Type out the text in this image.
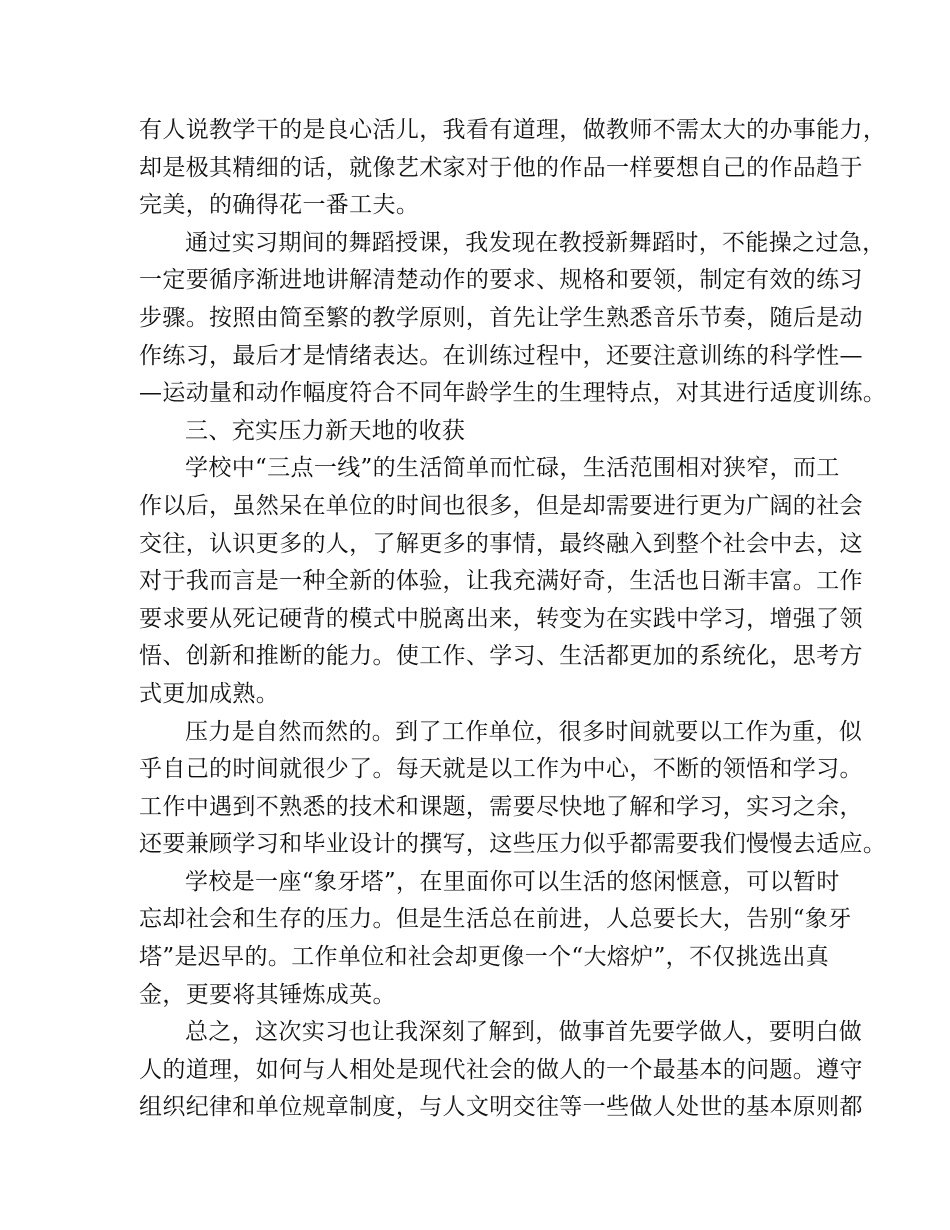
有人说教学干的是良心活儿，我看有道理，做教师不需太大的办事能力，
却是极其精细的话，就像艺术家对于他的作品一样要想自己的作品趋于
完美，的确得花一番工夫。
通过实习期间的舞蹈授课，我发现在教授新舞蹈时，不能操之过急，
一定要循序渐进地讲解清楚动作的要求、规格和要领，制定有效的练习
步骤。按照由简至繁的教学原则，首先让学生熟悉音乐节奏，随后是动
作练习，最后才是情绪表达。在训练过程中，还要注意训练的科学性—
—运动量和动作幅度符合不同年龄学生的生理特点，对其进行适度训练。
三、充实压力新天地的收获
学校中“三点一线”的生活简单而忙碌，生活范围相对狭窄，而工
作以后，虽然呆在单位的时间也很多，但是却需要进行更为广阔的社会
交往，认识更多的人，了解更多的事情，最终融入到整个社会中去，这
对于我而言是一种全新的体验，让我充满好奇，生活也日渐丰富。工作
要求要从死记硬背的模式中脱离出来，转变为在实践中学习，增强了领
悟、创新和推断的能力。使工作、学习、生活都更加的系统化，思考方
式更加成熟。
压力是自然而然的。到了工作单位，很多时间就要以工作为重，似
乎自己的时间就很少了。每天就是以工作为中心，不断的领悟和学习。
工作中遇到不熟悉的技术和课题，需要尽快地了解和学习，实习之余，
还要兼顾学习和毕业设计的撰写，这些压力似乎都需要我们慢慢去适应。
学校是一座“象牙塔”，在里面你可以生活的悠闲惬意，可以暂时
忘却社会和生存的压力。但是生活总在前进，人总要长大，告别“象牙
塔”是迟早的。工作单位和社会却更像一个“大熔炉”，不仅挑选出真
金，更要将其锤炼成英。
总之，这次实习也让我深刻了解到，做事首先要学做人，要明白做
人的道理，如何与人相处是现代社会的做人的一个最基本的问题。遵守
组织纪律和单位规章制度，与人文明交往等一些做人处世的基本原则都
